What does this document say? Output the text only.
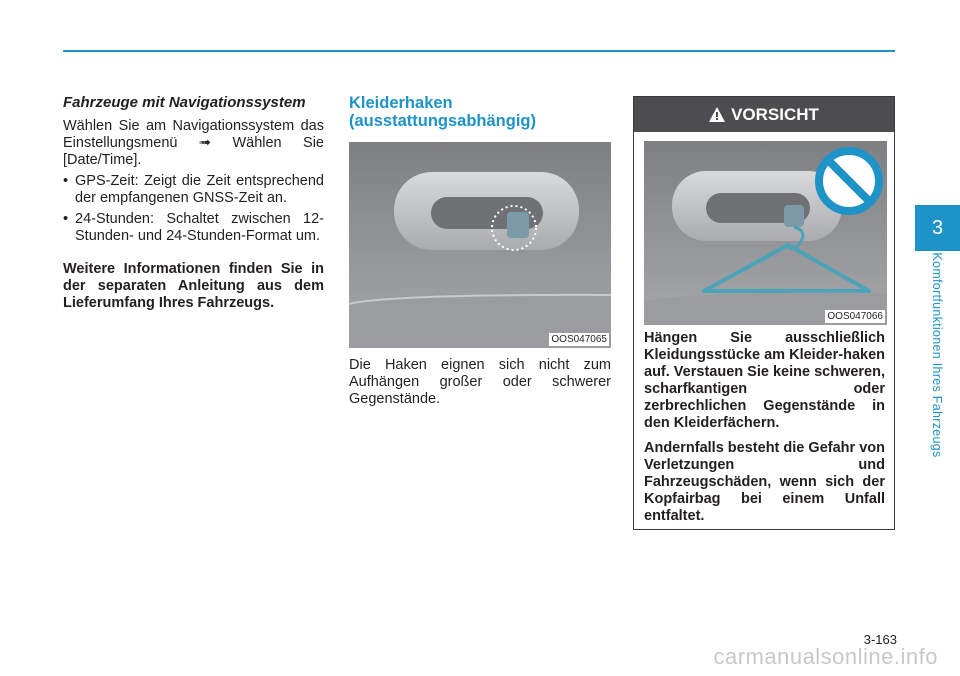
Fahrzeuge mit Navigationssystem
Wählen Sie am Navigationssystem das Einstellungsmenü ➟ Wählen Sie [Date/Time].
• GPS-Zeit: Zeigt die Zeit entsprechend der empfangenen GNSS-Zeit an.
• 24-Stunden: Schaltet zwischen 12-Stunden- und 24-Stunden-Format um.
Weitere Informationen finden Sie in der separaten Anleitung aus dem Lieferumfang Ihres Fahrzeugs.
Kleiderhaken (ausstattungsabhängig)
OOS047065
Die Haken eignen sich nicht zum Aufhängen großer oder schwerer Gegenstände.
VORSICHT
OOS047066
Hängen Sie ausschließlich Kleidungsstücke am Kleider-haken auf. Verstauen Sie keine schweren, scharfkantigen oder zerbrechlichen Gegenstände in den Kleiderfächern.
Andernfalls besteht die Gefahr von Verletzungen und Fahrzeugschäden, wenn sich der Kopfairbag bei einem Unfall entfaltet.
3
Komfortfunktionen Ihres Fahrzeugs
3-163
carmanualsonline.info
